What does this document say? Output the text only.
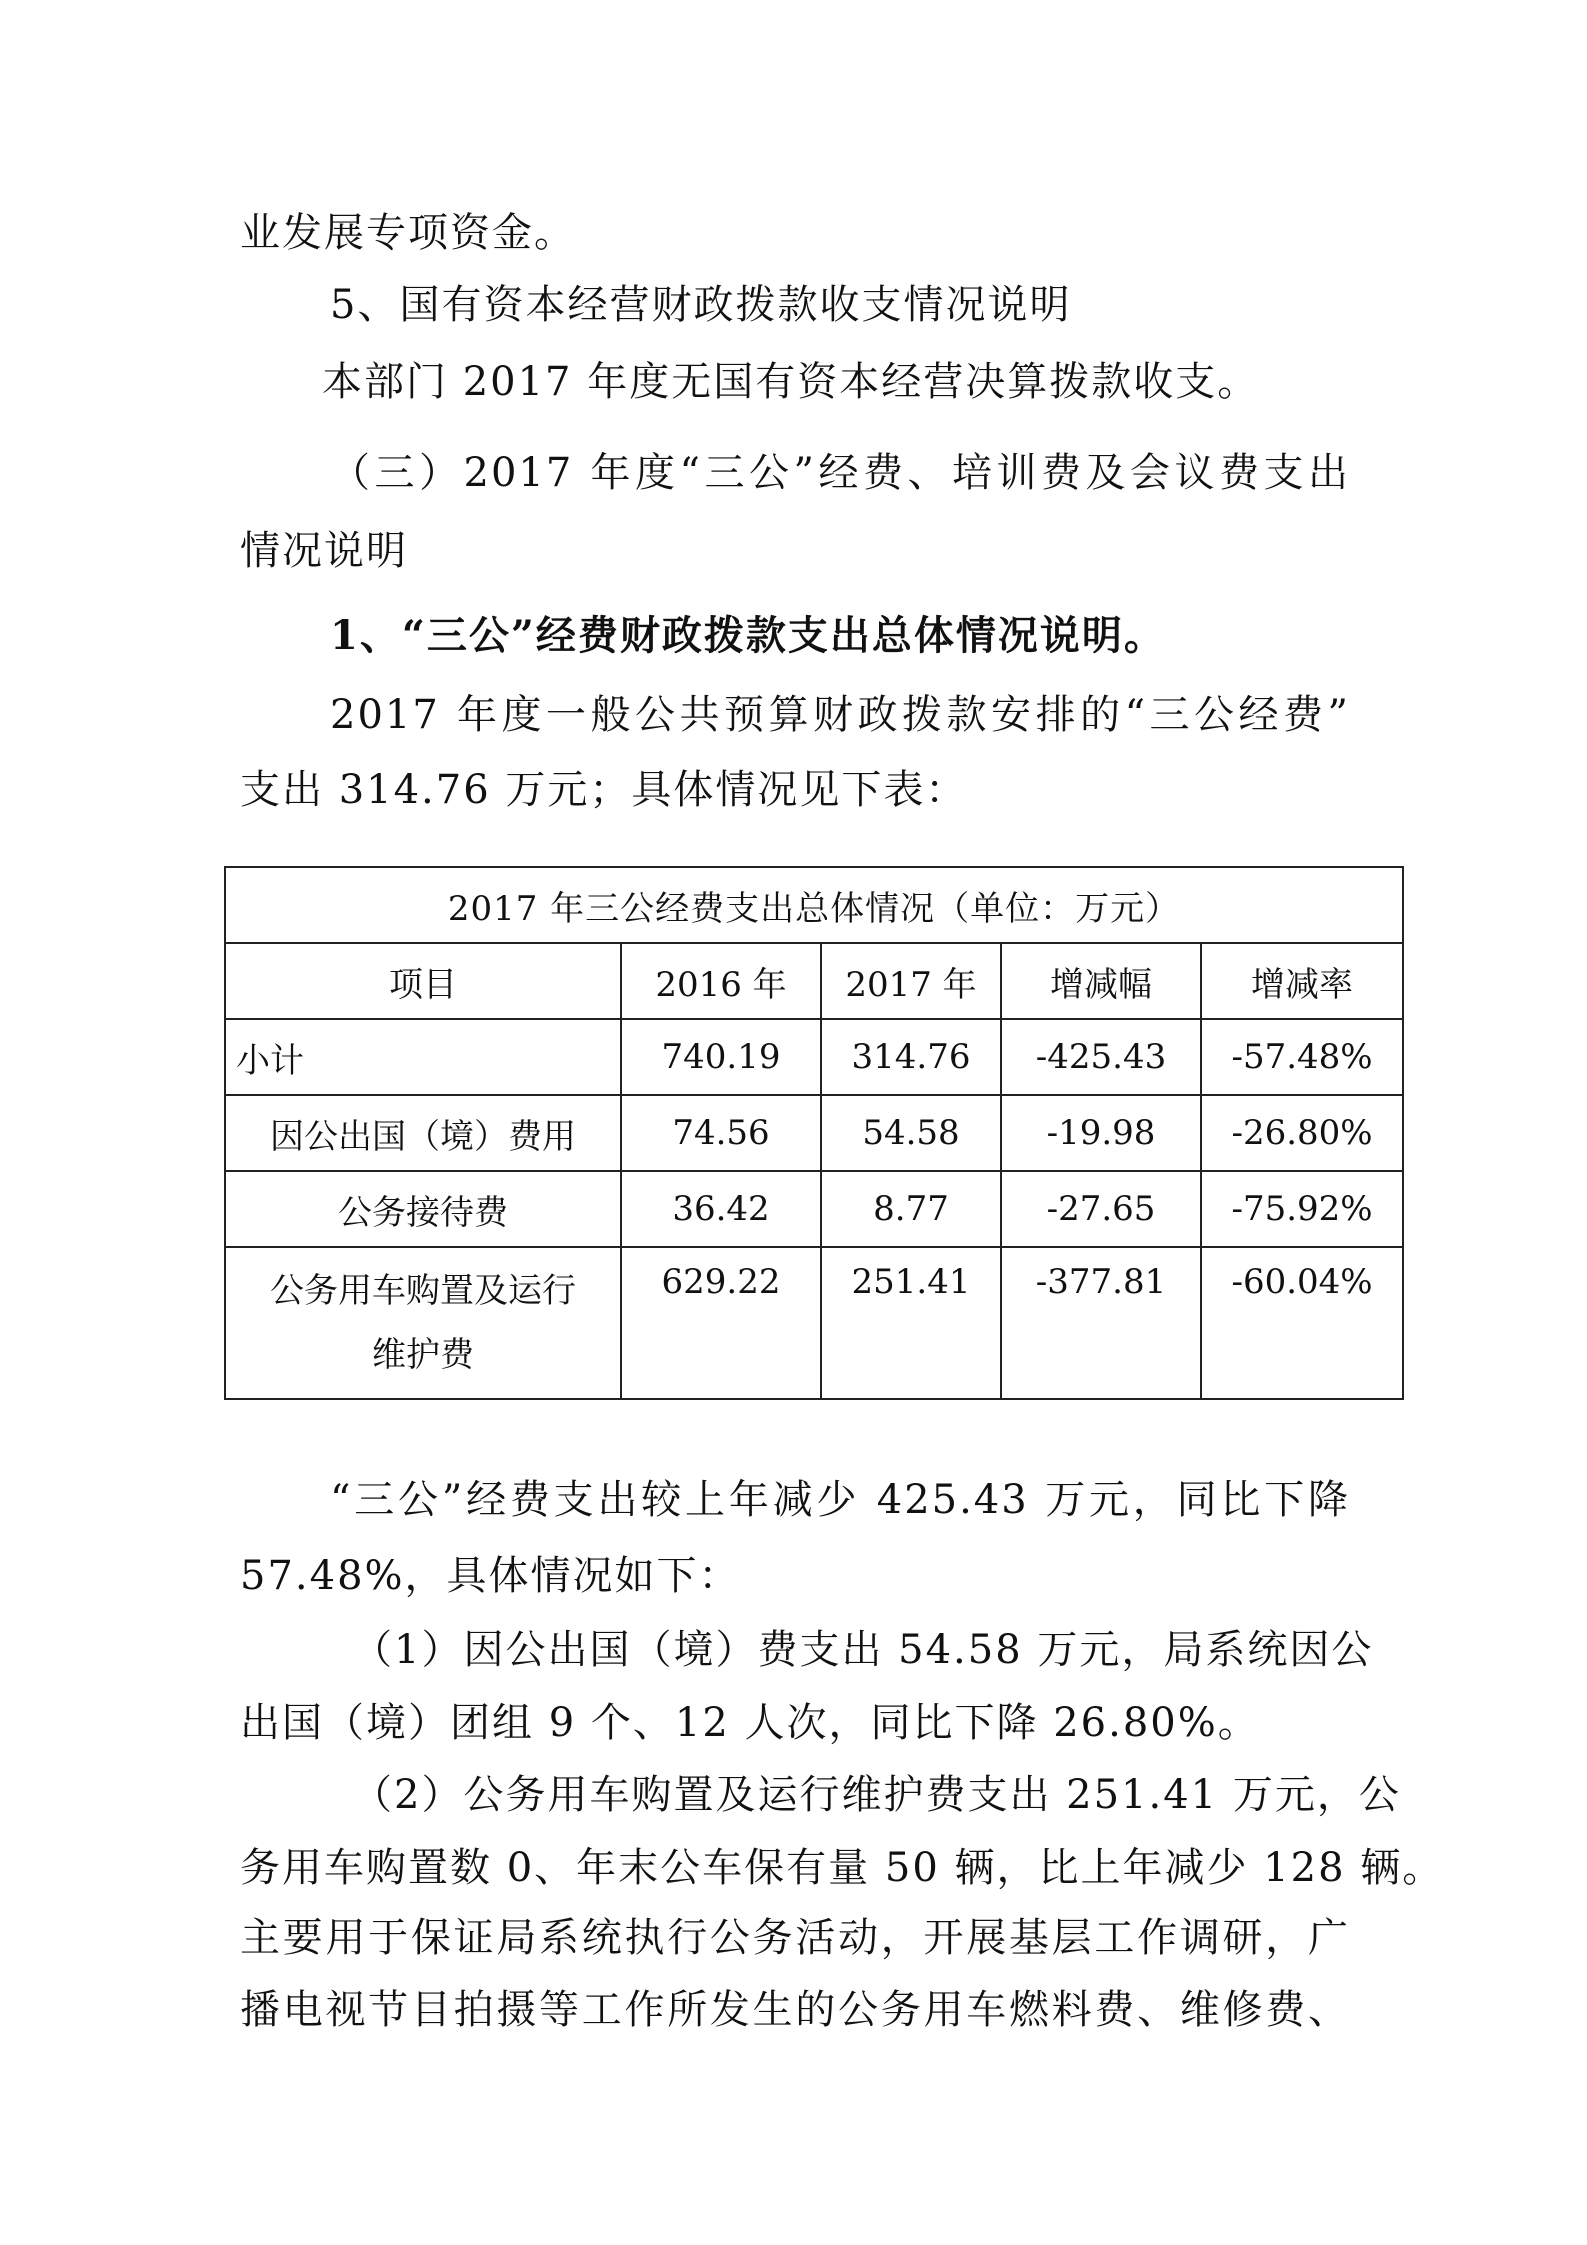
业发展专项资金。
5、国有资本经营财政拨款收支情况说明
本部门 2017 年度无国有资本经营决算拨款收支。
（三）2017 年度“三公”经费、培训费及会议费支出
情况说明
1、“三公”经费财政拨款支出总体情况说明。
2017 年度一般公共预算财政拨款安排的“三公经费”
支出 314.76 万元；具体情况见下表：
2017 年三公经费支出总体情况（单位：万元）				
项目	2016 年	2017 年	增减幅	增减率
小计	740.19	314.76	-425.43	-57.48%
因公出国（境）费用	74.56	54.58	-19.98	-26.80%
公务接待费	36.42	8.77	-27.65	-75.92%

公务用车购置及运行
维护费	629.22	251.41	-377.81	-60.04%
“三公”经费支出较上年减少 425.43 万元，同比下降
57.48%，具体情况如下：
（1）因公出国（境）费支出 54.58 万元，局系统因公
出国（境）团组 9 个、12 人次，同比下降 26.80%。
（2）公务用车购置及运行维护费支出 251.41 万元，公
务用车购置数 0、年末公车保有量 50 辆，比上年减少 128 辆。
主要用于保证局系统执行公务活动，开展基层工作调研，广
播电视节目拍摄等工作所发生的公务用车燃料费、维修费、
